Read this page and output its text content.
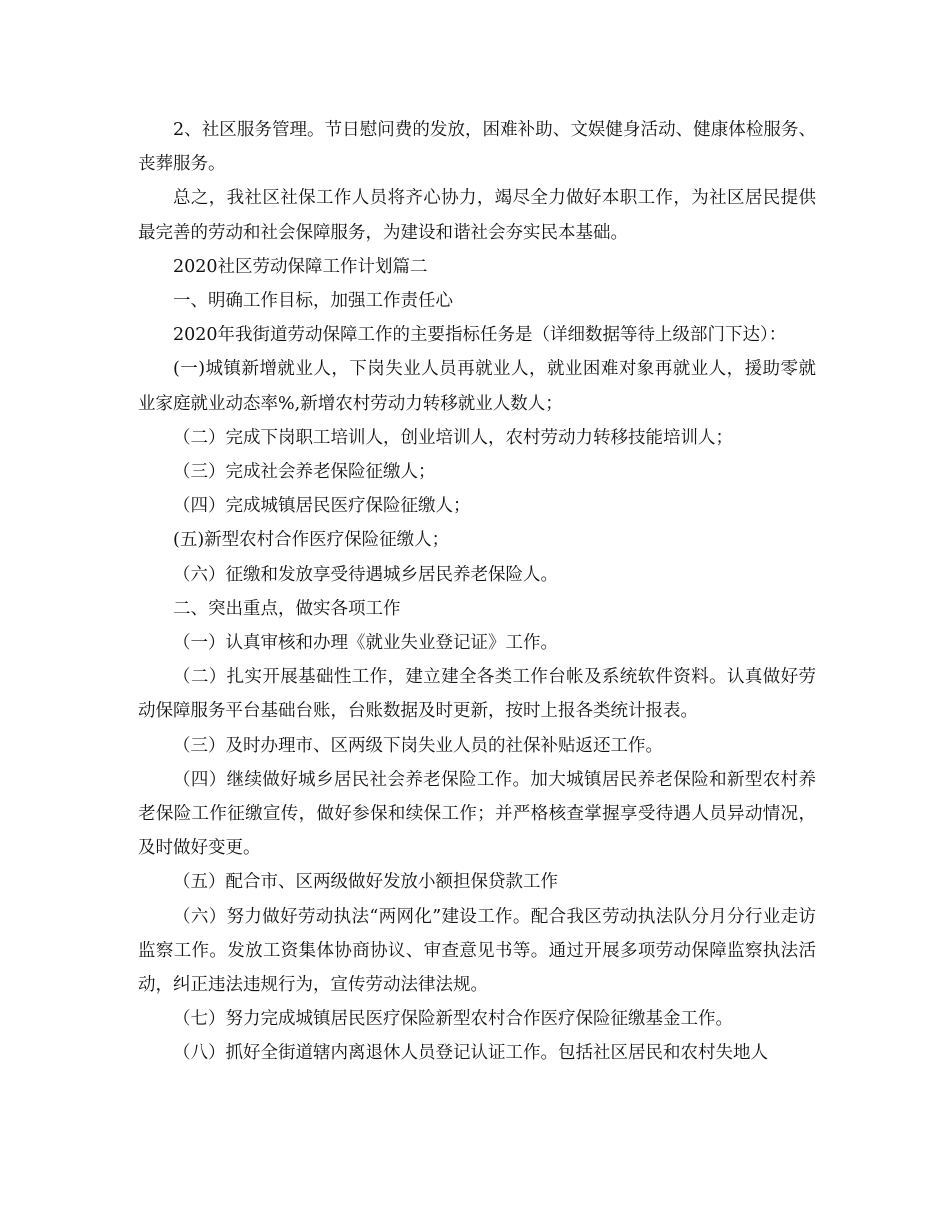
2、社区服务管理。节日慰问费的发放，困难补助、文娱健身活动、健康体检服务、丧葬服务。

总之，我社区社保工作人员将齐心协力，竭尽全力做好本职工作，为社区居民提供最完善的劳动和社会保障服务，为建设和谐社会夯实民本基础。

2020社区劳动保障工作计划篇二

一、明确工作目标，加强工作责任心

2020年我街道劳动保障工作的主要指标任务是（详细数据等待上级部门下达）：

(一)城镇新增就业人，下岗失业人员再就业人，就业困难对象再就业人，援助零就业家庭就业动态率%,新增农村劳动力转移就业人数人；

（二）完成下岗职工培训人，创业培训人，农村劳动力转移技能培训人；

（三）完成社会养老保险征缴人；

（四）完成城镇居民医疗保险征缴人；

(五)新型农村合作医疗保险征缴人；

（六）征缴和发放享受待遇城乡居民养老保险人。

二、突出重点，做实各项工作

（一）认真审核和办理《就业失业登记证》工作。

（二）扎实开展基础性工作，建立建全各类工作台帐及系统软件资料。认真做好劳动保障服务平台基础台账，台账数据及时更新，按时上报各类统计报表。

（三）及时办理市、区两级下岗失业人员的社保补贴返还工作。

（四）继续做好城乡居民社会养老保险工作。加大城镇居民养老保险和新型农村养老保险工作征缴宣传，做好参保和续保工作；并严格核查掌握享受待遇人员异动情况，及时做好变更。

（五）配合市、区两级做好发放小额担保贷款工作

（六）努力做好劳动执法“两网化”建设工作。配合我区劳动执法队分月分行业走访监察工作。发放工资集体协商协议、审查意见书等。通过开展多项劳动保障监察执法活动，纠正违法违规行为，宣传劳动法律法规。

（七）努力完成城镇居民医疗保险新型农村合作医疗保险征缴基金工作。

（八）抓好全街道辖内离退休人员登记认证工作。包括社区居民和农村失地人
